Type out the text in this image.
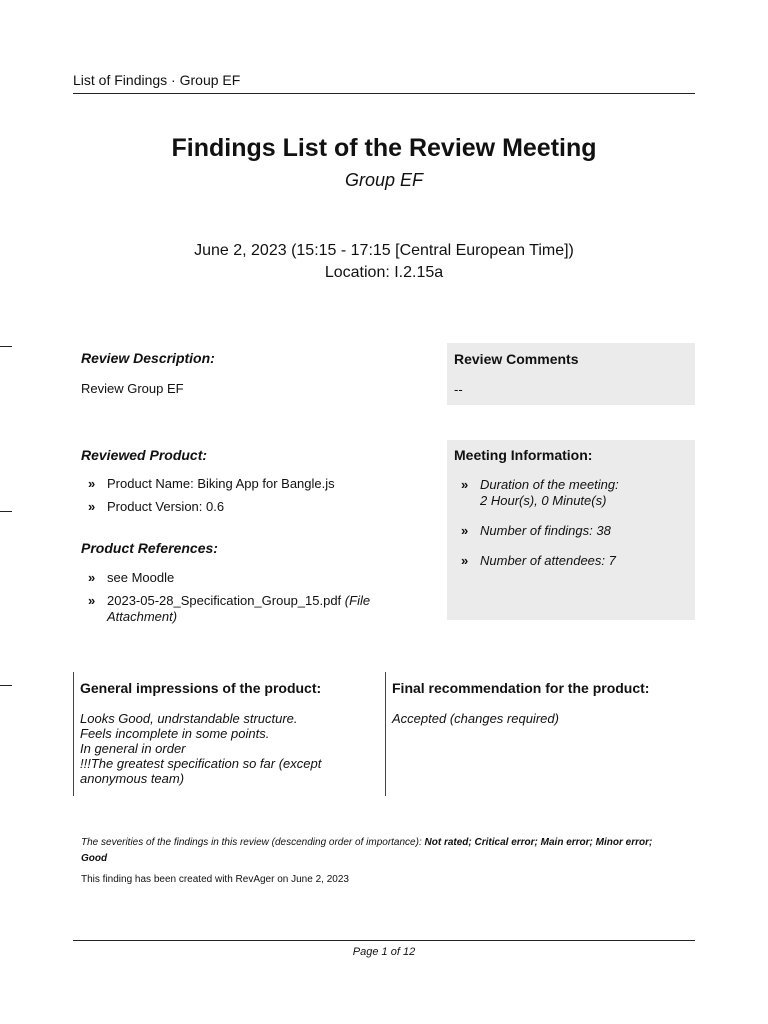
List of Findings · Group EF
Findings List of the Review Meeting
Group EF
June 2, 2023 (15:15 - 17:15 [Central European Time])
Location: I.2.15a
Review Description:
Review Group EF
Review Comments
--
Reviewed Product:
» Product Name: Biking App for Bangle.js
» Product Version: 0.6
Product References:
» see Moodle
» 2023-05-28_Specification_Group_15.pdf (File
Attachment)
Meeting Information:
» Duration of the meeting:
2 Hour(s), 0 Minute(s)
» Number of findings: 38
» Number of attendees: 7
General impressions of the product:
Looks Good, undrstandable structure.
Feels incomplete in some points.
In general in order
!!!The greatest specification so far (except
anonymous team)
Final recommendation for the product:
Accepted (changes required)
The severities of the findings in this review (descending order of importance): Not rated; Critical error; Main error; Minor error;
Good
This finding has been created with RevAger on June 2, 2023
Page 1 of 12
